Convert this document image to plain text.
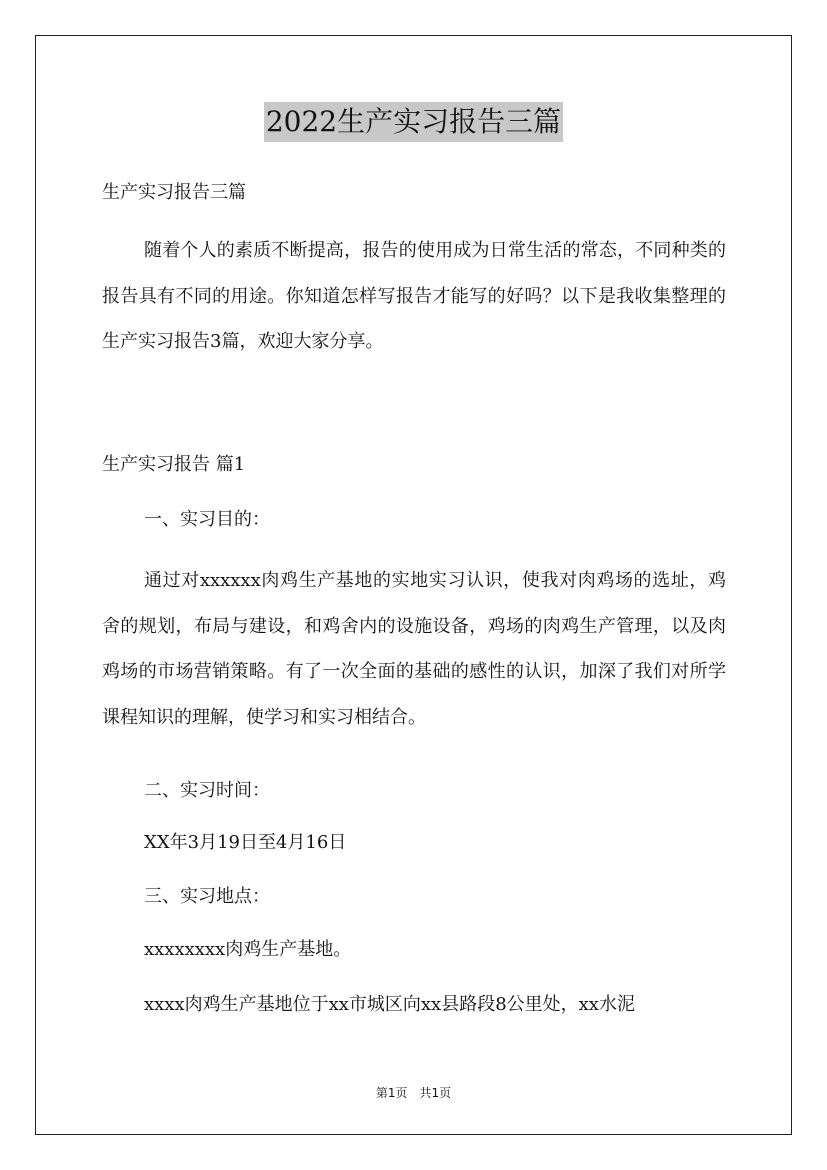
2022生产实习报告三篇
生产实习报告三篇
随着个人的素质不断提高，报告的使用成为日常生活的常态，不同种类的报告具有不同的用途。你知道怎样写报告才能写的好吗？以下是我收集整理的生产实习报告3篇，欢迎大家分享。
生产实习报告 篇1
一、实习目的：
通过对xxxxxx肉鸡生产基地的实地实习认识，使我对肉鸡场的选址，鸡舍的规划，布局与建设，和鸡舍内的设施设备，鸡场的肉鸡生产管理，以及肉鸡场的市场营销策略。有了一次全面的基础的感性的认识，加深了我们对所学课程知识的理解，使学习和实习相结合。
二、实习时间：
XX年3月19日至4月16日
三、实习地点：
xxxxxxxx肉鸡生产基地。
xxxx肉鸡生产基地位于xx市城区向xx县路段8公里处，xx水泥
第1页　共1页
